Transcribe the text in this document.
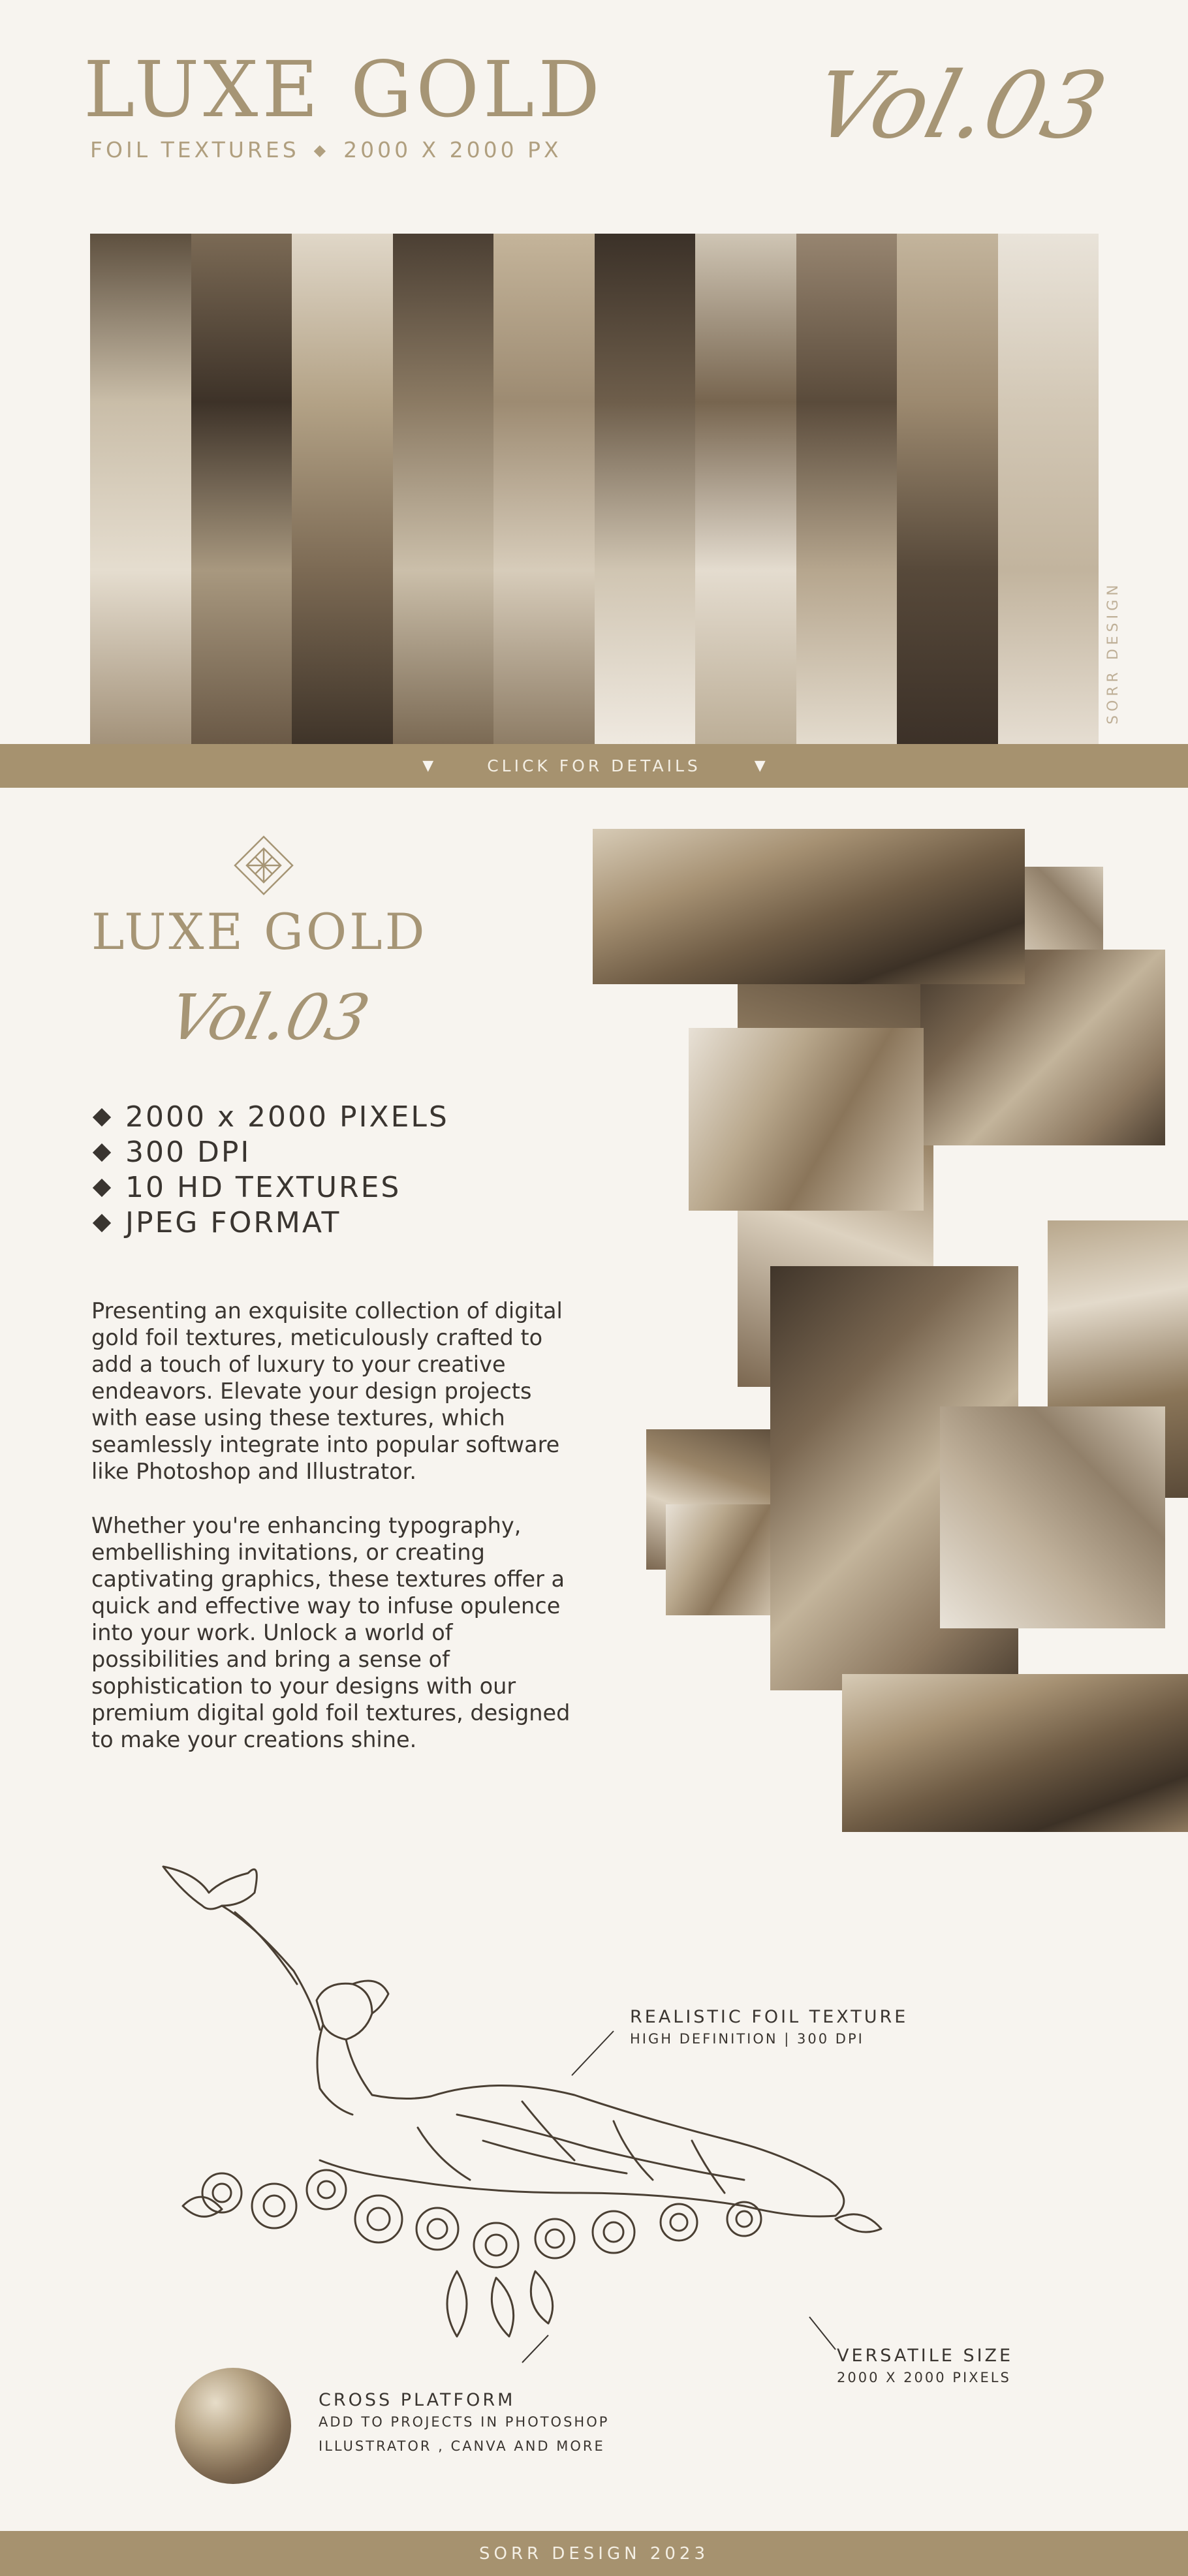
LUXE GOLD
FOIL TEXTURES ◆ 2000 X 2000 PX	Vol.03
SORR DESIGN
▼	CLICK FOR DETAILS	▼
LUXE GOLD
Vol.03
2000 x 2000 PIXELS
300 DPI
10 HD TEXTURES
JPEG FORMAT

Presenting an exquisite collection of digital gold foil textures, meticulously crafted to add a touch of luxury to your creative endeavors. Elevate your design projects with ease using these textures, which seamlessly integrate into popular software like Photoshop and Illustrator.

Whether you're enhancing typography, embellishing invitations, or creating captivating graphics, these textures offer a quick and effective way to infuse opulence into your work. Unlock a world of possibilities and bring a sense of sophistication to your designs with our premium digital gold foil textures, designed to make your creations shine.

REALISTIC FOIL TEXTURE
HIGH DEFINITION | 300 DPI
VERSATILE SIZE
2000 X 2000 PIXELS
CROSS PLATFORM
ADD TO PROJECTS IN PHOTOSHOP
ILLUSTRATOR , CANVA AND MORE
SORR DESIGN 2023
